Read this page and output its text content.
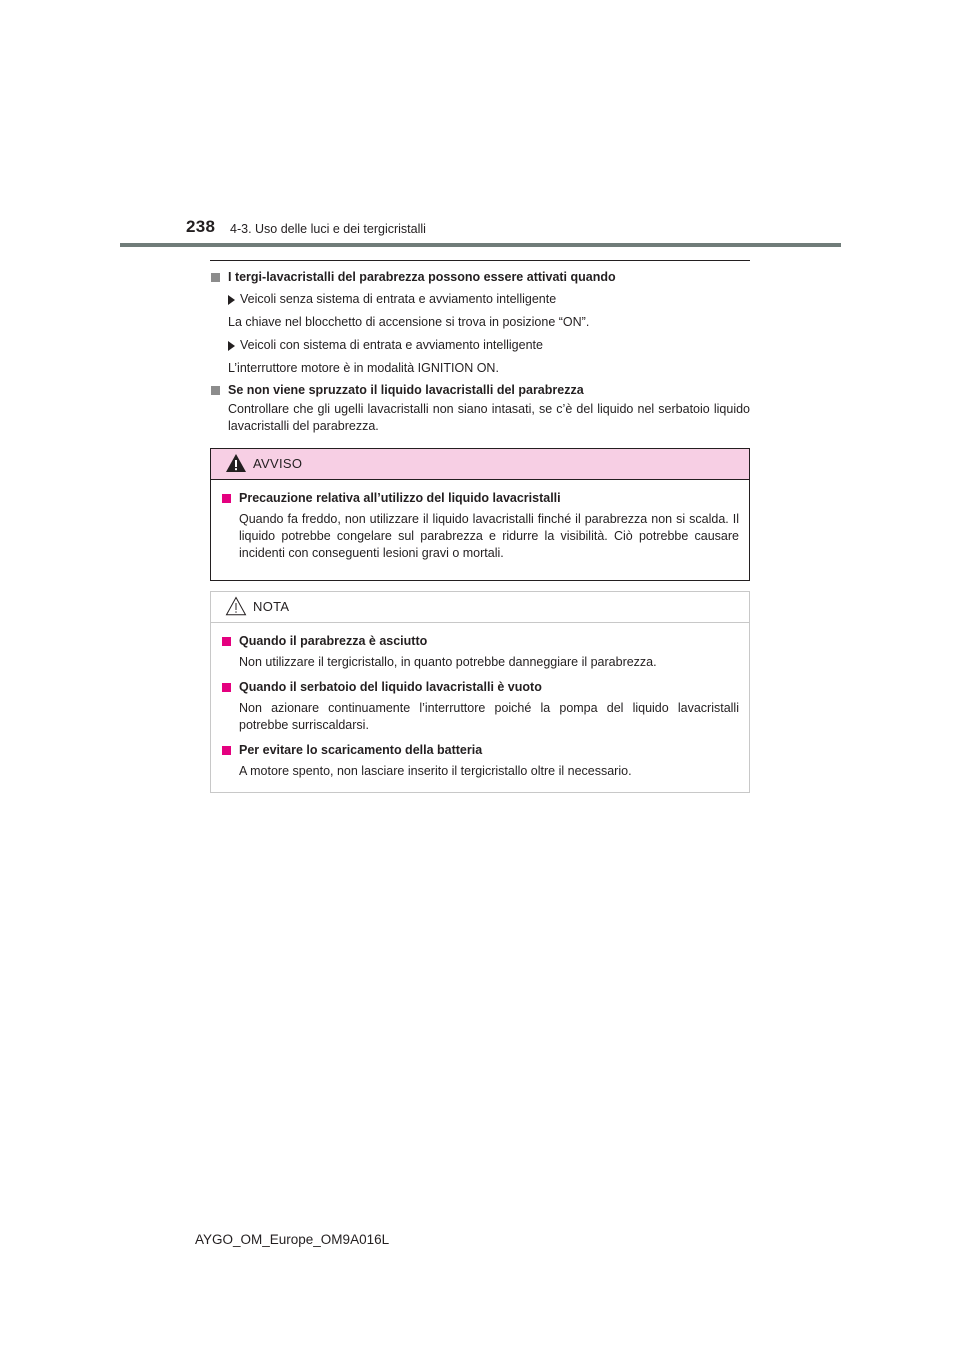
238 4-3. Uso delle luci e dei tergicristalli
I tergi-lavacristalli del parabrezza possono essere attivati quando
Veicoli senza sistema di entrata e avviamento intelligente
La chiave nel blocchetto di accensione si trova in posizione “ON”.
Veicoli con sistema di entrata e avviamento intelligente
L’interruttore motore è in modalità IGNITION ON.
Se non viene spruzzato il liquido lavacristalli del parabrezza
Controllare che gli ugelli lavacristalli non siano intasati, se c’è del liquido nel serbatoio liquido lavacristalli del parabrezza.
AVVISO
Precauzione relativa all’utilizzo del liquido lavacristalli
Quando fa freddo, non utilizzare il liquido lavacristalli finché il parabrezza non si scalda. Il liquido potrebbe congelare sul parabrezza e ridurre la visibilità. Ciò potrebbe causare incidenti con conseguenti lesioni gravi o mortali.
NOTA
Quando il parabrezza è asciutto
Non utilizzare il tergicristallo, in quanto potrebbe danneggiare il parabrezza.
Quando il serbatoio del liquido lavacristalli è vuoto
Non azionare continuamente l’interruttore poiché la pompa del liquido lavacristalli potrebbe surriscaldarsi.
Per evitare lo scaricamento della batteria
A motore spento, non lasciare inserito il tergicristallo oltre il necessario.
AYGO_OM_Europe_OM9A016L
